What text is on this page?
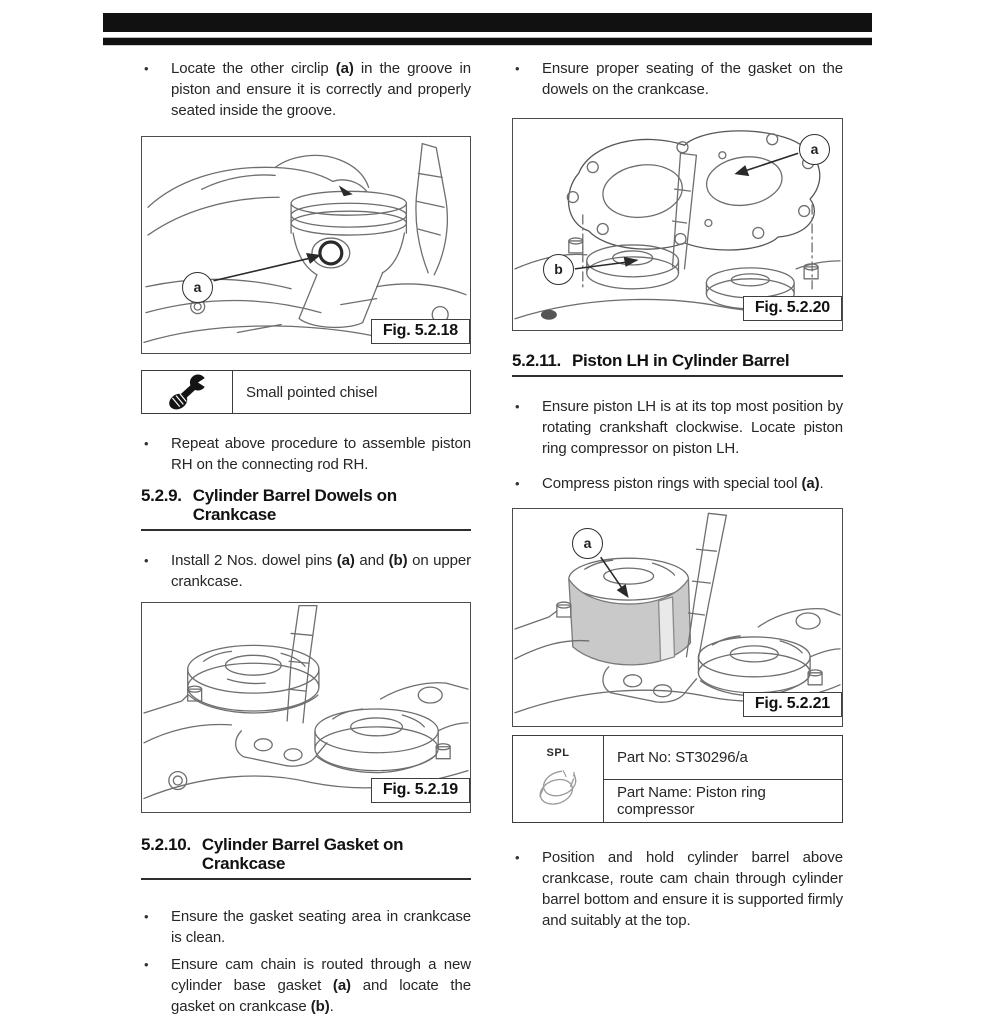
•	Locate the other circlip (a) in the groove in piston and ensure it is correctly and properly seated inside the groove.

a
Fig. 5.2.18
Small pointed chisel
•	Repeat above procedure to assemble piston RH on the connecting rod RH.

5.2.9. Cylinder Barrel Dowels on Crankcase
•	Install 2 Nos. dowel pins (a) and (b) on upper crankcase.

Fig. 5.2.19
5.2.10. Cylinder Barrel Gasket on Crankcase
•	Ensure the gasket seating area in crankcase is clean.

•	Ensure cam chain is routed through a new cylinder base gasket (a) and locate the gasket on crankcase (b).

•	Ensure proper seating of the gasket on the dowels on the crankcase.

a
b
Fig. 5.2.20
5.2.11. Piston LH in Cylinder Barrel
•	Ensure piston LH is at its top most position by rotating crankshaft clockwise. Locate piston ring compressor on piston LH.

•	Compress piston rings with special tool (a).

a
Fig. 5.2.21
SPL	Part No: ST30296/a
Part Name: Piston ring compressor
•	Position and hold cylinder barrel above crankcase, route cam chain through cylinder barrel bottom and ensure it is supported firmly and suitably at the top.
